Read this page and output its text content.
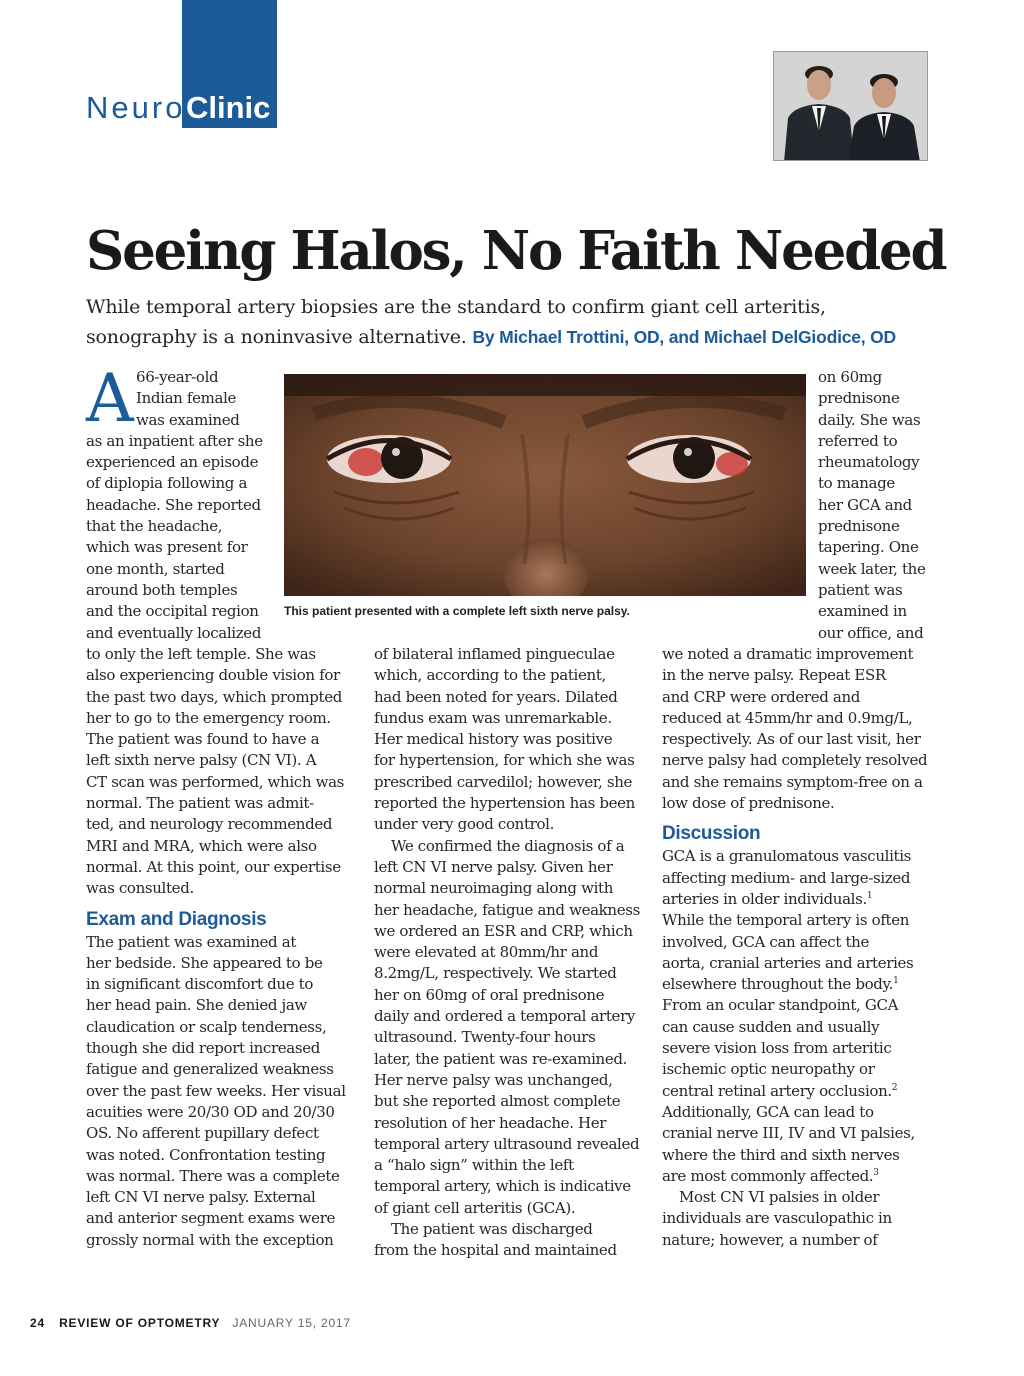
Neuro Clinic
Seeing Halos, No Faith Needed
While temporal artery biopsies are the standard to confirm giant cell arteritis,
sonography is a noninvasive alternative. By Michael Trottini, OD, and Michael DelGiodice, OD
This patient presented with a complete left sixth nerve palsy.
A 66-year-old
Indian female
was examined
as an inpatient after she
experienced an episode
of diplopia following a
headache. She reported
that the headache,
which was present for
one month, started
around both temples
and the occipital region
and eventually localized
to only the left temple. She was
also experiencing double vision for
the past two days, which prompted
her to go to the emergency room.
The patient was found to have a
left sixth nerve palsy (CN VI). A
CT scan was performed, which was
normal. The patient was admit-
ted, and neurology recommended
MRI and MRA, which were also
normal. At this point, our expertise
was consulted.
Exam and Diagnosis
The patient was examined at
her bedside. She appeared to be
in significant discomfort due to
her head pain. She denied jaw
claudication or scalp tenderness,
though she did report increased
fatigue and generalized weakness
over the past few weeks. Her visual
acuities were 20/30 OD and 20/30
OS. No afferent pupillary defect
was noted. Confrontation testing
was normal. There was a complete
left CN VI nerve palsy. External
and anterior segment exams were
grossly normal with the exception
of bilateral inflamed pingueculae
which, according to the patient,
had been noted for years. Dilated
fundus exam was unremarkable.
Her medical history was positive
for hypertension, for which she was
prescribed carvedilol; however, she
reported the hypertension has been
under very good control.
We confirmed the diagnosis of a
left CN VI nerve palsy. Given her
normal neuroimaging along with
her headache, fatigue and weakness
we ordered an ESR and CRP, which
were elevated at 80mm/hr and
8.2mg/L, respectively. We started
her on 60mg of oral prednisone
daily and ordered a temporal artery
ultrasound. Twenty-four hours
later, the patient was re-examined.
Her nerve palsy was unchanged,
but she reported almost complete
resolution of her headache. Her
temporal artery ultrasound revealed
a “halo sign” within the left
temporal artery, which is indicative
of giant cell arteritis (GCA).
The patient was discharged
from the hospital and maintained
on 60mg
prednisone
daily. She was
referred to
rheumatology
to manage
her GCA and
prednisone
tapering. One
week later, the
patient was
examined in
our office, and
we noted a dramatic improvement
in the nerve palsy. Repeat ESR
and CRP were ordered and
reduced at 45mm/hr and 0.9mg/L,
respectively. As of our last visit, her
nerve palsy had completely resolved
and she remains symptom-free on a
low dose of prednisone.
Discussion
GCA is a granulomatous vasculitis
affecting medium- and large-sized
arteries in older individuals.$^1$
While the temporal artery is often
involved, GCA can affect the
aorta, cranial arteries and arteries
elsewhere throughout the body.$^1$
From an ocular standpoint, GCA
can cause sudden and usually
severe vision loss from arteritic
ischemic optic neuropathy or
central retinal artery occlusion.$^2$
Additionally, GCA can lead to
cranial nerve III, IV and VI palsies,
where the third and sixth nerves
are most commonly affected.$^3$
Most CN VI palsies in older
individuals are vasculopathic in
nature; however, a number of
24 REVIEW OF OPTOMETRY JANUARY 15, 2017
